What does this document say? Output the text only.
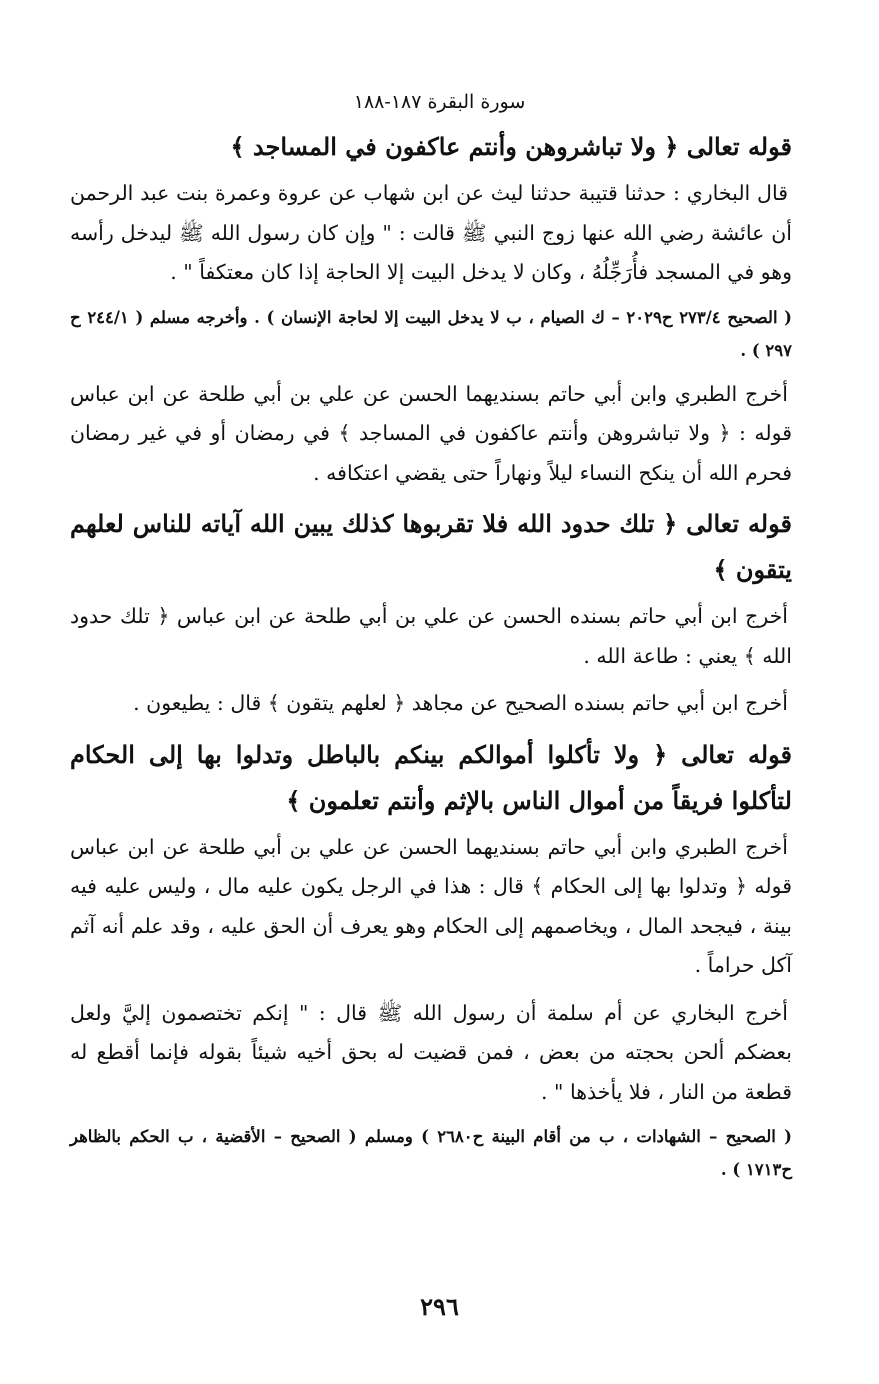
سورة البقرة ١٨٧-١٨٨
قوله تعالى ﴿ ولا تباشروهن وأنتم عاكفون في المساجد ﴾

قال البخاري : حدثنا قتيبة حدثنا ليث عن ابن شهاب عن عروة وعمرة بنت عبد الرحمن أن عائشة رضي الله عنها زوج النبي ﷺ قالت : " وإن كان رسول الله ﷺ ليدخل رأسه وهو في المسجد فأُرَجِّلُهُ ، وكان لا يدخل البيت إلا الحاجة إذا كان معتكفاً " .

( الصحيح ٢٧٣/٤ ح٢٠٢٩ – ك الصيام ، ب لا يدخل البيت إلا لحاجة الإنسان ) . وأخرجه مسلم ( ٢٤٤/١ ح ٢٩٧ ) .

أخرج الطبري وابن أبي حاتم بسنديهما الحسن عن علي بن أبي طلحة عن ابن عباس قوله : ﴿ ولا تباشروهن وأنتم عاكفون في المساجد ﴾ في رمضان أو في غير رمضان فحرم الله أن ينكح النساء ليلاً ونهاراً حتى يقضي اعتكافه .

قوله تعالى ﴿ تلك حدود الله فلا تقربوها كذلك يبين الله آياته للناس لعلهم يتقون ﴾

أخرج ابن أبي حاتم بسنده الحسن عن علي بن أبي طلحة عن ابن عباس ﴿ تلك حدود الله ﴾ يعني : طاعة الله .

أخرج ابن أبي حاتم بسنده الصحيح عن مجاهد ﴿ لعلهم يتقون ﴾ قال : يطيعون .

قوله تعالى ﴿ ولا تأكلوا أموالكم بينكم بالباطل وتدلوا بها إلى الحكام لتأكلوا فريقاً من أموال الناس بالإثم وأنتم تعلمون ﴾

أخرج الطبري وابن أبي حاتم بسنديهما الحسن عن علي بن أبي طلحة عن ابن عباس قوله ﴿ وتدلوا بها إلى الحكام ﴾ قال : هذا في الرجل يكون عليه مال ، وليس عليه فيه بينة ، فيجحد المال ، ويخاصمهم إلى الحكام وهو يعرف أن الحق عليه ، وقد علم أنه آثم آكل حراماً .

أخرج البخاري عن أم سلمة أن رسول الله ﷺ قال : " إنكم تختصمون إليَّ ولعل بعضكم ألحن بحجته من بعض ، فمن قضيت له بحق أخيه شيئاً بقوله فإنما أقطع له قطعة من النار ، فلا يأخذها " .

( الصحيح – الشهادات ، ب من أقام البينة ح٢٦٨٠ ) ومسلم ( الصحيح – الأقضية ، ب الحكم بالظاهر ح١٧١٣ ) .

٢٩٦
